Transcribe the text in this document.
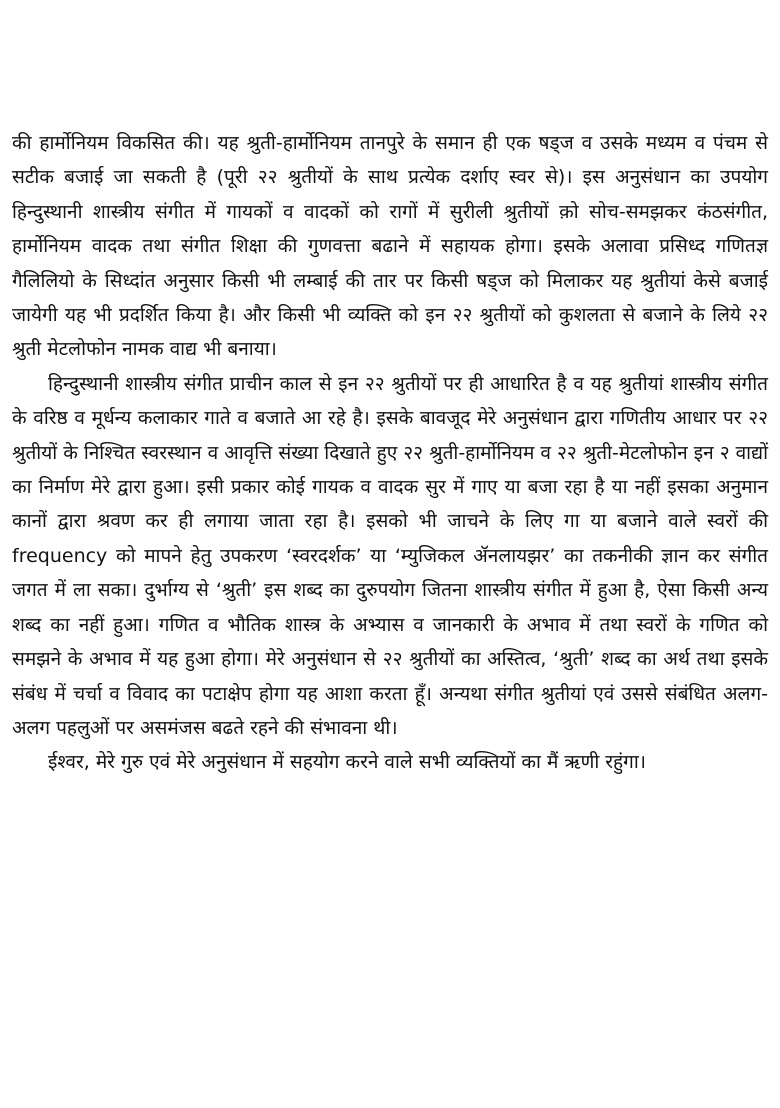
की हार्मोनियम विकसित की। यह श्रुती-हार्मोनियम तानपुरे के समान ही एक षड्ज व उसके मध्यम व पंचम से सटीक बजाई जा सकती है (पूरी २२ श्रुतीयों के साथ प्रत्येक दर्शाए स्वर से)। इस अनुसंधान का उपयोग हिन्दुस्थानी शास्त्रीय संगीत में गायकों व वादकों को रागों में सुरीली श्रुतीयों क़ो सोच-समझकर कंठसंगीत, हार्मोनियम वादक तथा संगीत शिक्षा की गुणवत्ता बढाने में सहायक होगा। इसके अलावा प्रसिध्द गणितज्ञ गैलिलियो के सिध्दांत अनुसार किसी भी लम्बाई की तार पर किसी षड्ज को मिलाकर यह श्रुतीयां केसे बजाई जायेगी यह भी प्रदर्शित किया है। और किसी भी व्यक्ति को इन २२ श्रुतीयों को कुशलता से बजाने के लिये २२ श्रुती मेटलोफोन नामक वाद्य भी बनाया।

हिन्दुस्थानी शास्त्रीय संगीत प्राचीन काल से इन २२ श्रुतीयों पर ही आधारित है व यह श्रुतीयां शास्त्रीय संगीत के वरिष्ठ व मूर्धन्य कलाकार गाते व बजाते आ रहे है। इसके बावजूद मेरे अनुसंधान द्वारा गणितीय आधार पर २२ श्रुतीयों के निश्चित स्वरस्थान व आवृत्ति संख्या दिखाते हुए २२ श्रुती-हार्मोनियम व २२ श्रुती-मेटलोफोन इन २ वाद्यों का निर्माण मेरे द्वारा हुआ। इसी प्रकार कोई गायक व वादक सुर में गाए या बजा रहा है या नहीं इसका अनुमान कानों द्वारा श्रवण कर ही लगाया जाता रहा है। इसको भी जाचने के लिए गा या बजाने वाले स्वरों की frequency को मापने हेतु उपकरण ‘स्वरदर्शक’ या ‘म्युजिकल ॲनलायझर’ का तकनीकी ज्ञान कर संगीत जगत में ला सका। दुर्भाग्य से ‘श्रुती’ इस शब्द का दुरुपयोग जितना शास्त्रीय संगीत में हुआ है, ऐसा किसी अन्य शब्द का नहीं हुआ। गणित व भौतिक शास्त्र के अभ्यास व जानकारी के अभाव में तथा स्वरों के गणित को समझने के अभाव में यह हुआ होगा। मेरे अनुसंधान से २२ श्रुतीयों का अस्तित्व, ‘श्रुती’ शब्द का अर्थ तथा इसके संबंध में चर्चा व विवाद का पटाक्षेप होगा यह आशा करता हूँ। अन्यथा संगीत श्रुतीयां एवं उससे संबंधित अलग-अलग पहलुओं पर असमंजस बढते रहने की संभावना थी।

ईश्वर, मेरे गुरु एवं मेरे अनुसंधान में सहयोग करने वाले सभी व्यक्तियों का मैं ऋणी रहुंगा।
